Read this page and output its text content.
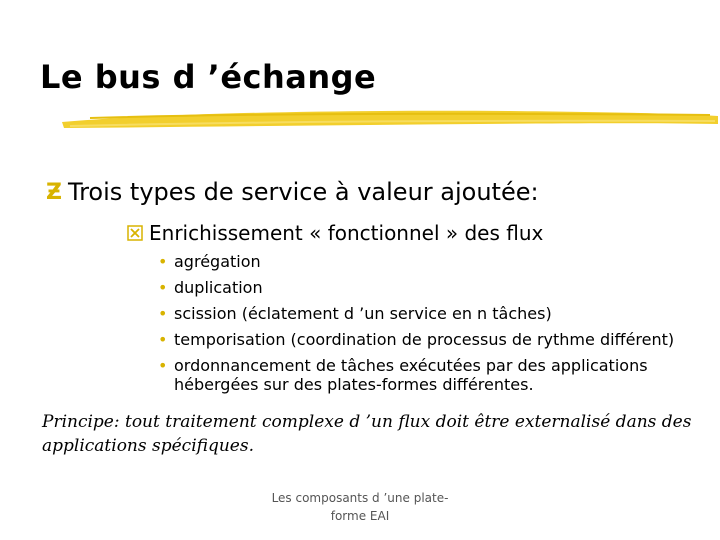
Le bus d ’échange
Ƶ Trois types de service à valeur ajoutée:
Enrichissement « fonctionnel » des flux
• agrégation
• duplication
• scission (éclatement d ’un service en n tâches)
• temporisation (coordination de processus de rythme différent)
• ordonnancement de tâches exécutées par des applications
hébergées sur des plates-formes différentes.
Principe: tout traitement complexe d ’un flux doit être externalisé dans des
applications spécifiques.
Les composants d ’une plate-
forme EAI
